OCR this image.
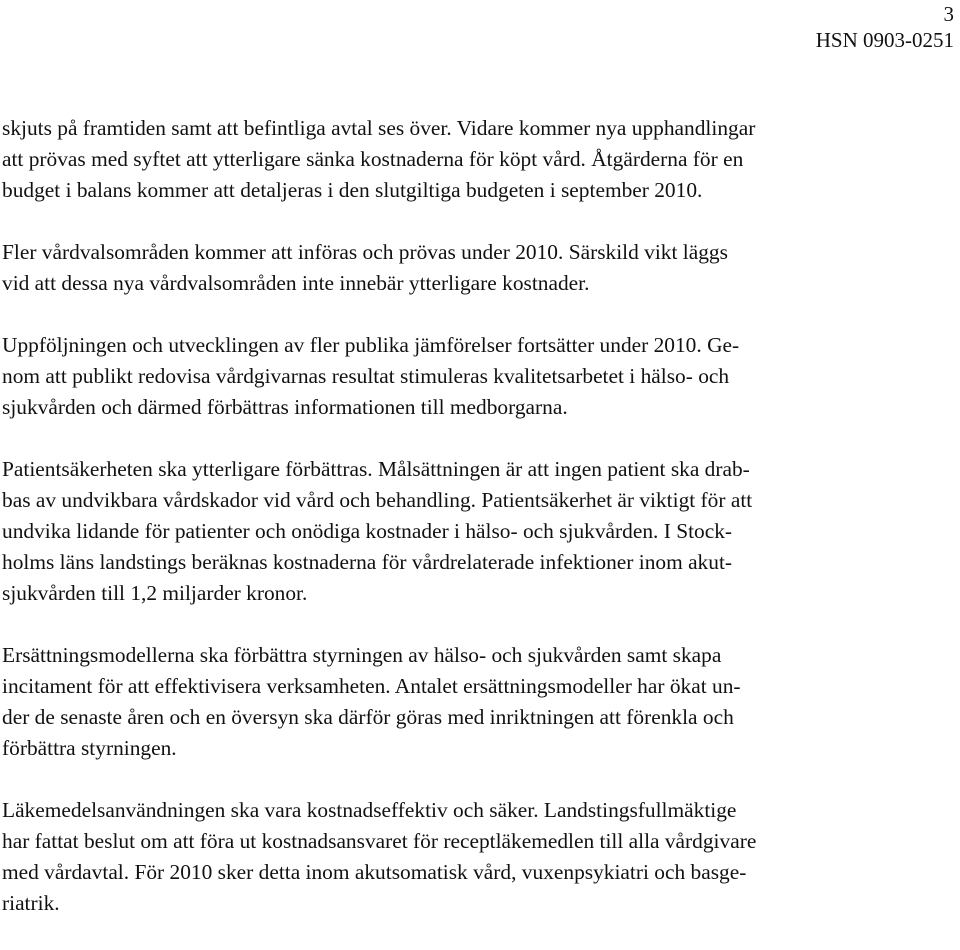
3
HSN 0903-0251

skjuts på framtiden samt att befintliga avtal ses över. Vidare kommer nya upphandlingar
att prövas med syftet att ytterligare sänka kostnaderna för köpt vård. Åtgärderna för en
budget i balans kommer att detaljeras i den slutgiltiga budgeten i september 2010.

Fler vårdvalsområden kommer att införas och prövas under 2010. Särskild vikt läggs
vid att dessa nya vårdvalsområden inte innebär ytterligare kostnader.

Uppföljningen och utvecklingen av fler publika jämförelser fortsätter under 2010. Ge-
nom att publikt redovisa vårdgivarnas resultat stimuleras kvalitetsarbetet i hälso- och
sjukvården och därmed förbättras informationen till medborgarna.

Patientsäkerheten ska ytterligare förbättras. Målsättningen är att ingen patient ska drab-
bas av undvikbara vårdskador vid vård och behandling. Patientsäkerhet är viktigt för att
undvika lidande för patienter och onödiga kostnader i hälso- och sjukvården. I Stock-
holms läns landstings beräknas kostnaderna för vårdrelaterade infektioner inom akut-
sjukvården till 1,2 miljarder kronor.

Ersättningsmodellerna ska förbättra styrningen av hälso- och sjukvården samt skapa
incitament för att effektivisera verksamheten. Antalet ersättningsmodeller har ökat un-
der de senaste åren och en översyn ska därför göras med inriktningen att förenkla och
förbättra styrningen.

Läkemedelsanvändningen ska vara kostnadseffektiv och säker. Landstingsfullmäktige
har fattat beslut om att föra ut kostnadsansvaret för receptläkemedlen till alla vårdgivare
med vårdavtal. För 2010 sker detta inom akutsomatisk vård, vuxenpsykiatri och basge-
riatrik.
